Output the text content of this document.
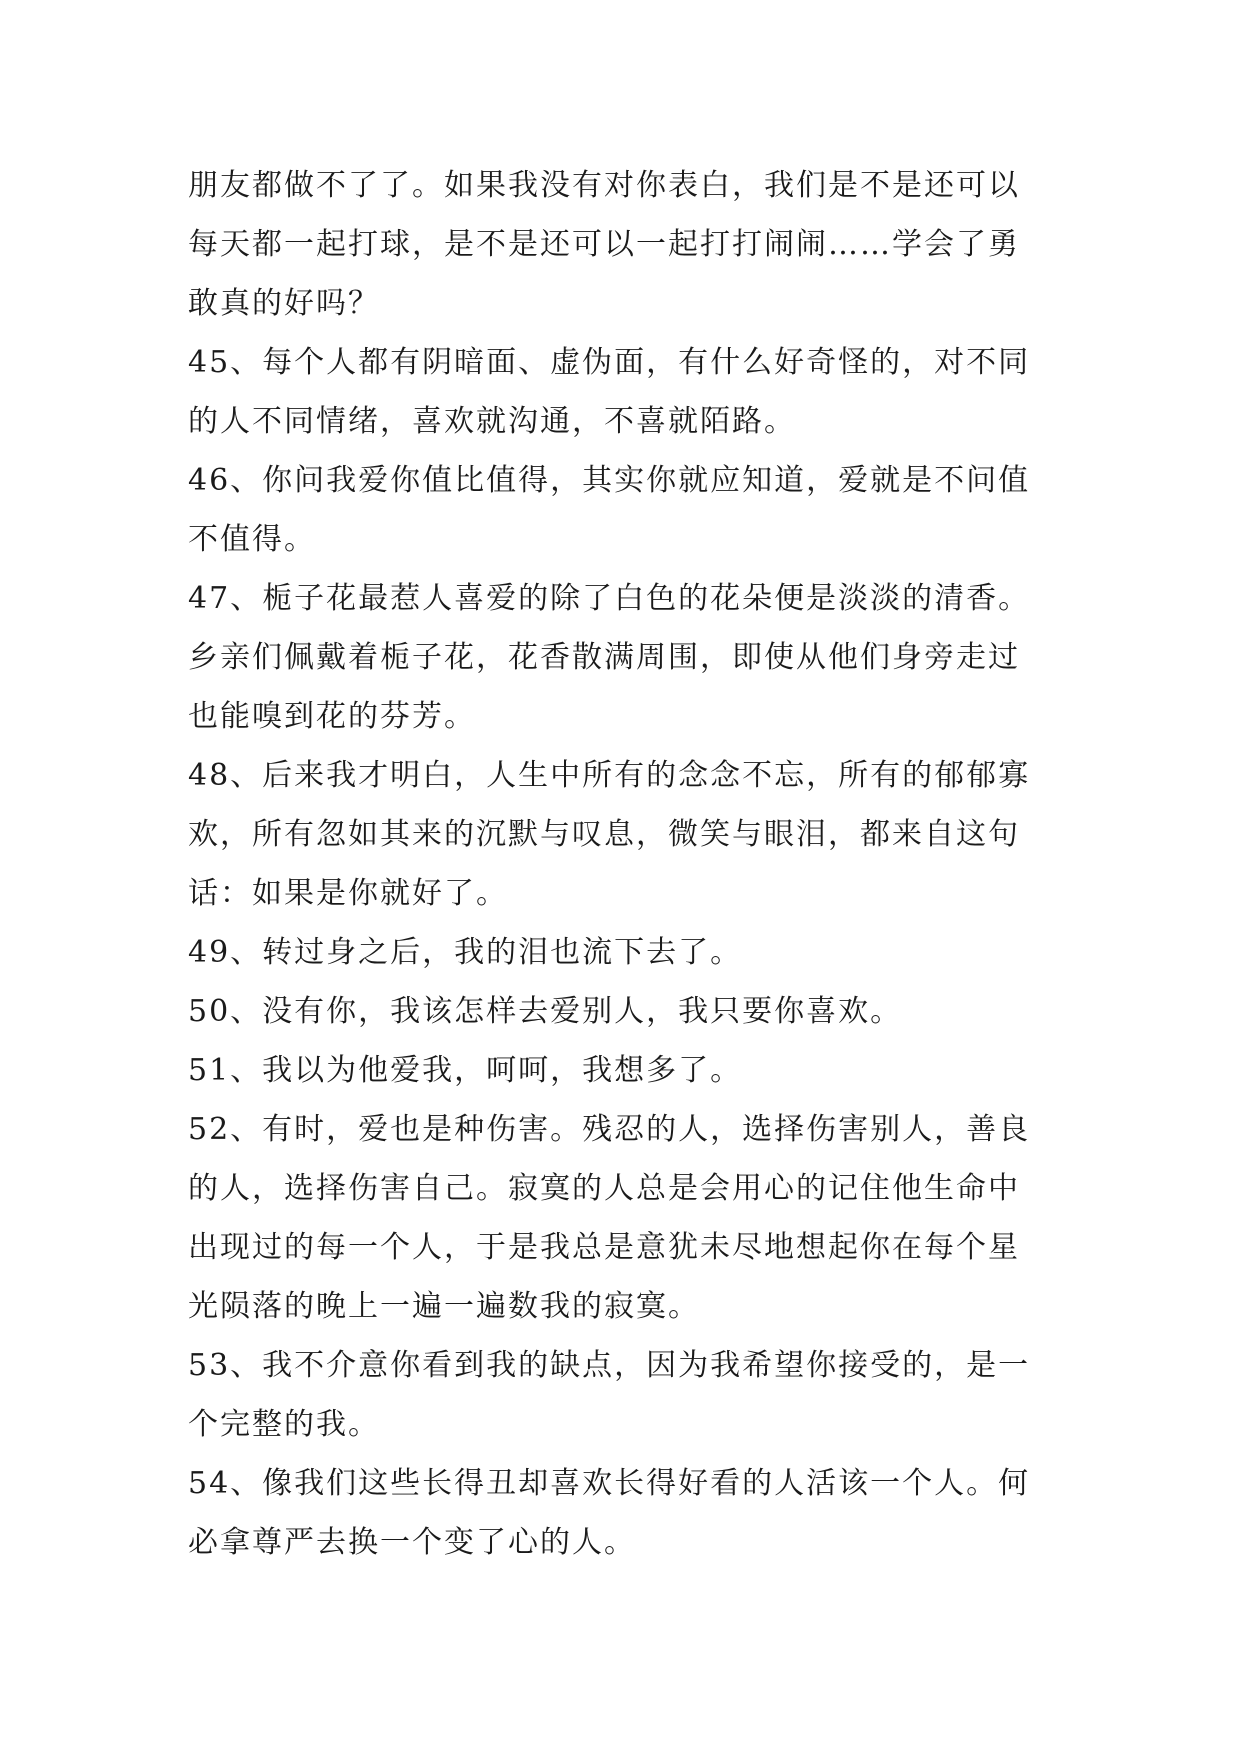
朋友都做不了了。如果我没有对你表白，我们是不是还可以
每天都一起打球，是不是还可以一起打打闹闹……学会了勇
敢真的好吗？

45、每个人都有阴暗面、虚伪面，有什么好奇怪的，对不同
的人不同情绪，喜欢就沟通，不喜就陌路。

46、你问我爱你值比值得，其实你就应知道，爱就是不问值
不值得。

47、栀子花最惹人喜爱的除了白色的花朵便是淡淡的清香。
乡亲们佩戴着栀子花，花香散满周围，即使从他们身旁走过
也能嗅到花的芬芳。

48、后来我才明白，人生中所有的念念不忘，所有的郁郁寡
欢，所有忽如其来的沉默与叹息，微笑与眼泪，都来自这句
话：如果是你就好了。

49、转过身之后，我的泪也流下去了。

50、没有你，我该怎样去爱别人，我只要你喜欢。

51、我以为他爱我，呵呵，我想多了。

52、有时，爱也是种伤害。残忍的人，选择伤害别人，善良
的人，选择伤害自己。寂寞的人总是会用心的记住他生命中
出现过的每一个人，于是我总是意犹未尽地想起你在每个星
光陨落的晚上一遍一遍数我的寂寞。

53、我不介意你看到我的缺点，因为我希望你接受的，是一
个完整的我。

54、像我们这些长得丑却喜欢长得好看的人活该一个人。何
必拿尊严去换一个变了心的人。
